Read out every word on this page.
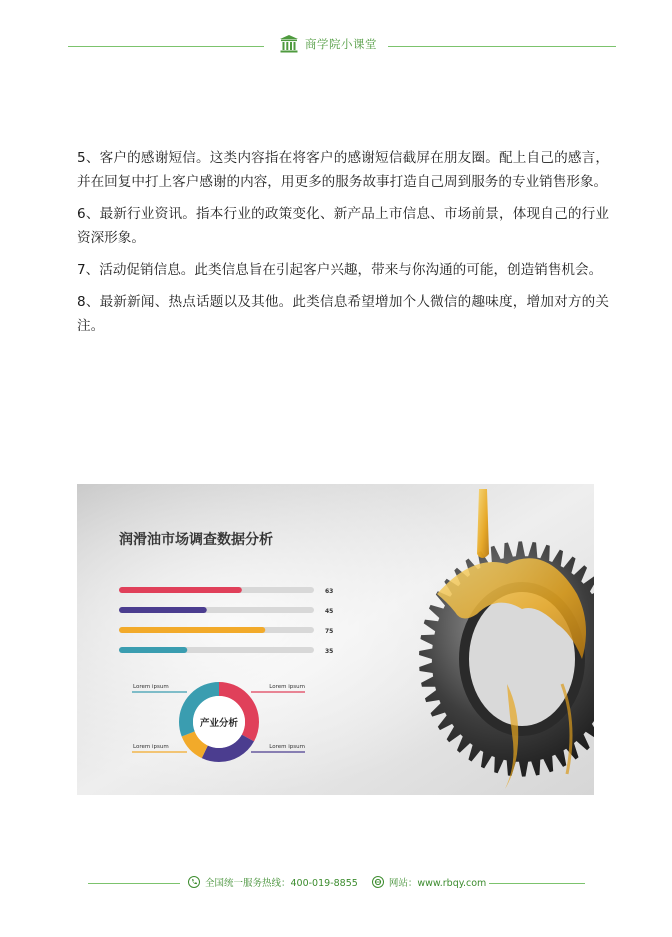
商学院小课堂

5、客户的感谢短信。这类内容指在将客户的感谢短信截屏在朋友圈。配上自己的感言，并在回复中打上客户感谢的内容，用更多的服务故事打造自己周到服务的专业销售形象。

6、最新行业资讯。指本行业的政策变化、新产品上市信息、市场前景，体现自己的行业资深形象。

7、活动促销信息。此类信息旨在引起客户兴趣，带来与你沟通的可能，创造销售机会。

8、最新新闻、热点话题以及其他。此类信息希望增加个人微信的趣味度，增加对方的关注。

润滑油市场调查数据分析
63
45
75
35
产业分析
Lorem ipsum	Lorem ipsum
Lorem ipsum	Lorem ipsum
全国统一服务热线：400-019-8855	网站：www.rbqy.com
